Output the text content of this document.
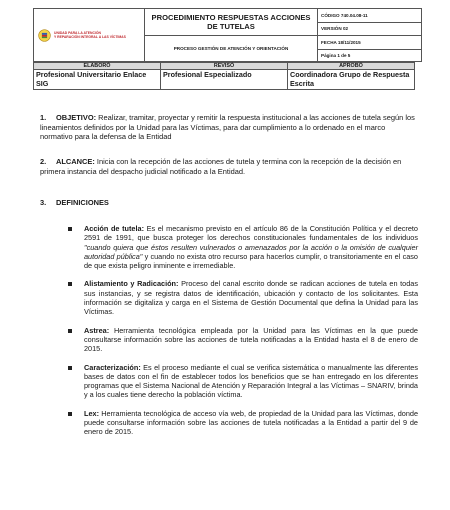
UNIDAD PARA LA ATENCIÓN
Y REPARACIÓN INTEGRAL A LAS VÍCTIMAS	PROCEDIMIENTO RESPUESTAS ACCIONES DE TUTELAS	CÓDIGO 740.04.08-11
		VERSIÓN 02

	PROCESO GESTIÓN DE ATENCIÓN Y ORIENTACIÓN	FECHA 18/11/2015
		Página 1 de 5
ELABORÓ	REVISÓ	APROBÓ
Profesional Universitario Enlace SIG	Profesional Especializado	Coordinadora Grupo de Respuesta Escrita
1. OBJETIVO: Realizar, tramitar, proyectar y remitir la respuesta institucional a las acciones de tutela según los lineamientos definidos por la Unidad para las Víctimas, para dar cumplimiento a lo ordenado en el marco normativo para la defensa de la Entidad
2. ALCANCE: Inicia con la recepción de las acciones de tutela y termina con la recepción de la decisión en primera instancia del despacho judicial notificado a la Entidad.
3. DEFINICIONES
Acción de tutela: Es el mecanismo previsto en el artículo 86 de la Constitución Política y el decreto 2591 de 1991, que busca proteger los derechos constitucionales fundamentales de los individuos "cuando quiera que éstos resulten vulnerados o amenazados por la acción o la omisión de cualquier autoridad pública" y cuando no exista otro recurso para hacerlos cumplir, o transitoriamente en el caso de que exista peligro inminente e irremediable.
Alistamiento y Radicación: Proceso del canal escrito donde se radican acciones de tutela en todas sus instancias, y se registra datos de identificación, ubicación y contacto de los solicitantes. Esta información se digitaliza y carga en el Sistema de Gestión Documental que defina la Unidad para las Víctimas.
Astrea: Herramienta tecnológica empleada por la Unidad para las Víctimas en la que puede consultarse información sobre las acciones de tutela notificadas a la Entidad hasta el 8 de enero de 2015.
Caracterización: Es el proceso mediante el cual se verifica sistemática o manualmente las diferentes bases de datos con el fin de establecer todos los beneficios que se han entregado en los diferentes programas que el Sistema Nacional de Atención y Reparación Integral a las Víctimas – SNARIV, brinda y a los cuales tiene derecho la población víctima.
Lex: Herramienta tecnológica de acceso vía web, de propiedad de la Unidad para las Víctimas, donde puede consultarse información sobre las acciones de tutela notificadas a la Entidad a partir del 9 de enero de 2015.
